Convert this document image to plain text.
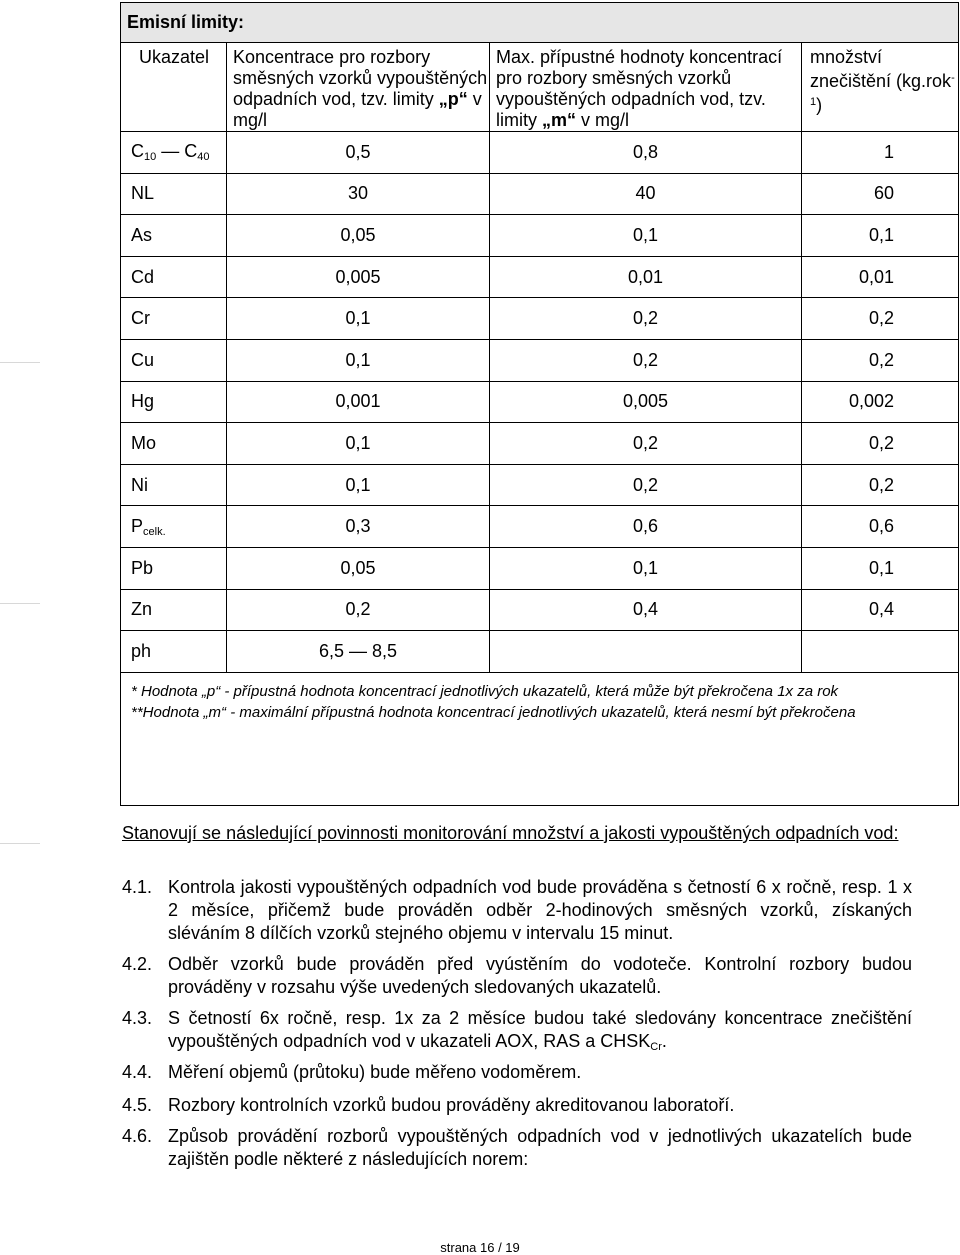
Emisní limity:			
Ukazatel	Koncentrace pro rozbory směsných vzorků vypouštěných odpadních vod, tzv. limity „p“ v mg/l	Max. přípustné hodnoty koncentrací pro rozbory směsných vzorků vypouštěných odpadních vod, tzv. limity „m“ v mg/l	množství znečištění (kg.rok$^{-1}$)
$C_{10}$ — $C_{40}$	0,5	0,8	1
NL	30	40	60
As	0,05	0,1	0,1
Cd	0,005	0,01	0,01
Cr	0,1	0,2	0,2
Cu	0,1	0,2	0,2
Hg	0,001	0,005	0,002
Mo	0,1	0,2	0,2
Ni	0,1	0,2	0,2
$P_{celk.}$	0,3	0,6	0,6
Pb	0,05	0,1	0,1
Zn	0,2	0,4	0,4
ph	6,5 — 8,5		

* Hodnota „p“ - přípustná hodnota koncentrací jednotlivých ukazatelů, která může být překročena 1x za rok
**Hodnota „m“ - maximální přípustná hodnota koncentrací jednotlivých ukazatelů, která nesmí být překročena			
Stanovují se následující povinnosti monitorování množství a jakosti vypouštěných odpadních vod:
4.1. Kontrola jakosti vypouštěných odpadních vod bude prováděna s četností 6 x ročně, resp. 1 x 2 měsíce, přičemž bude prováděn odběr 2-hodinových směsných vzorků, získaných sléváním 8 dílčích vzorků stejného objemu v intervalu 15 minut.
4.2. Odběr vzorků bude prováděn před vyústěním do vodoteče. Kontrolní rozbory budou prováděny v rozsahu výše uvedených sledovaných ukazatelů.
4.3. S četností 6x ročně, resp. 1x za 2 měsíce budou také sledovány koncentrace znečištění vypouštěných odpadních vod v ukazateli AOX, RAS a $CHSK_{Cr}$.
4.4. Měření objemů (průtoku) bude měřeno vodoměrem.
4.5. Rozbory kontrolních vzorků budou prováděny akreditovanou laboratoří.
4.6. Způsob provádění rozborů vypouštěných odpadních vod v jednotlivých ukazatelích bude zajištěn podle některé z následujících norem:
strana 16 / 19
